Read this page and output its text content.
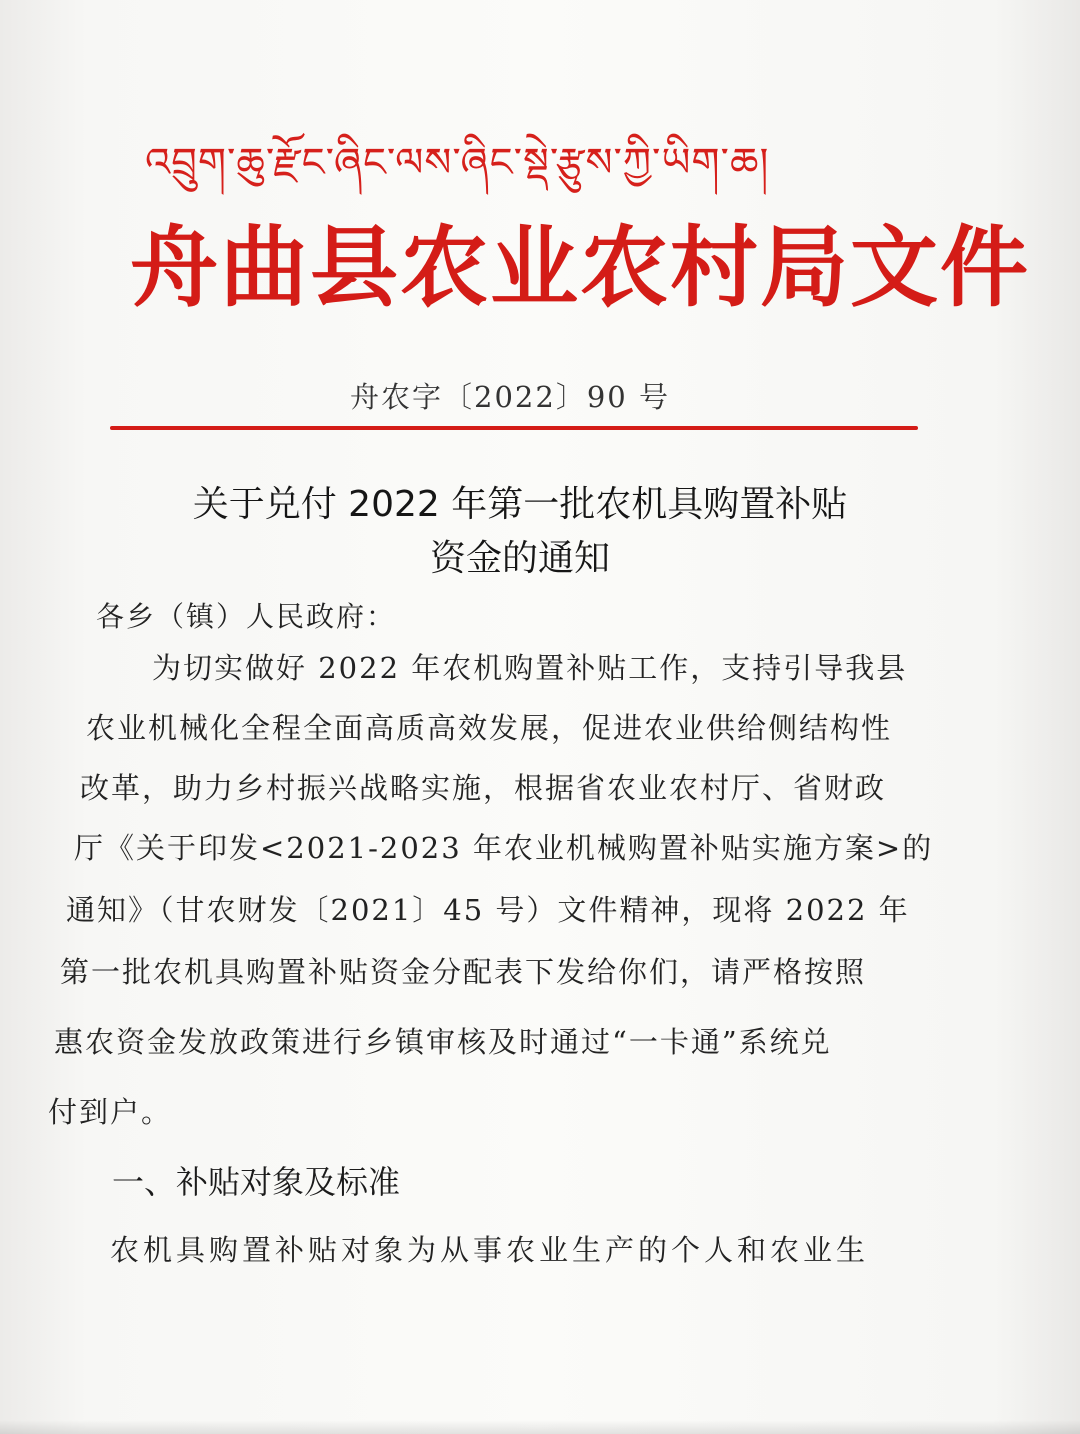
འབྲུག་ཆུ་རྫོང་ཞིང་ལས་ཞིང་སྡེ་རྩུས་ཀྱི་ཡིག་ཆ།
舟曲县农业农村局文件
舟农字〔2022〕90 号
关于兑付 2022 年第一批农机具购置补贴
资金的通知
各乡（镇）人民政府：
为切实做好 2022 年农机购置补贴工作，支持引导我县
农业机械化全程全面高质高效发展，促进农业供给侧结构性
改革，助力乡村振兴战略实施，根据省农业农村厅、省财政
厅《关于印发<2021-2023 年农业机械购置补贴实施方案>的
通知》（甘农财发〔2021〕45 号）文件精神，现将 2022 年
第一批农机具购置补贴资金分配表下发给你们，请严格按照
惠农资金发放政策进行乡镇审核及时通过“一卡通”系统兑
付到户。
一、补贴对象及标准
农机具购置补贴对象为从事农业生产的个人和农业生
